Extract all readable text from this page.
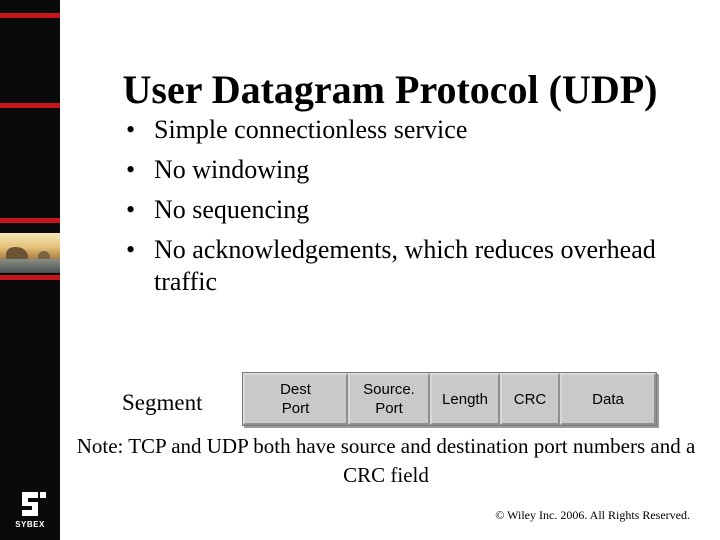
SYBEX
User Datagram Protocol (UDP)
• Simple connectionless service
• No windowing
• No sequencing
• No acknowledgements, which reduces overhead traffic
Segment
Dest
Port
Source.
Port
Length CRC	Data
Note: TCP and UDP both have source and destination port numbers and a CRC field
© Wiley Inc. 2006. All Rights Reserved.
